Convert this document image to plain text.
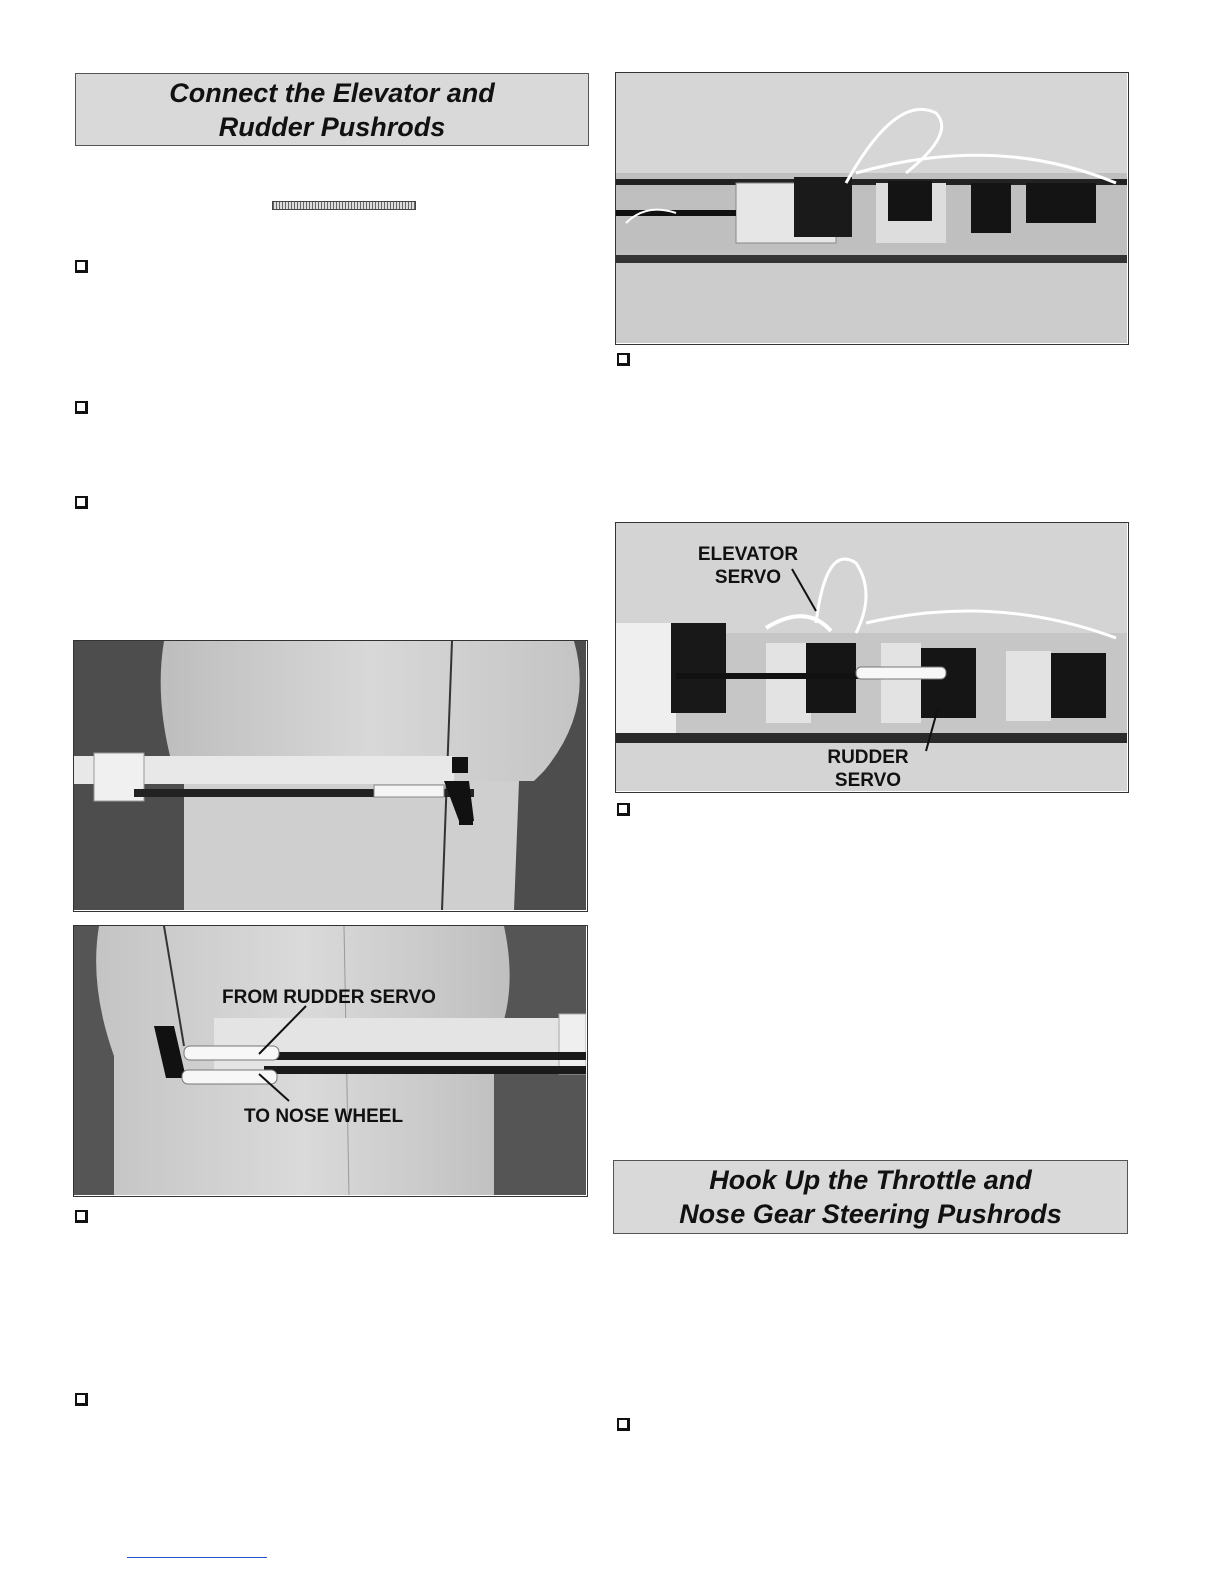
Connect the Elevator and
Rudder Pushrods
FROM RUDDER SERVO
TO NOSE WHEEL
ELEVATOR
SERVO
RUDDER
SERVO
Hook Up the Throttle and
Nose Gear Steering Pushrods
